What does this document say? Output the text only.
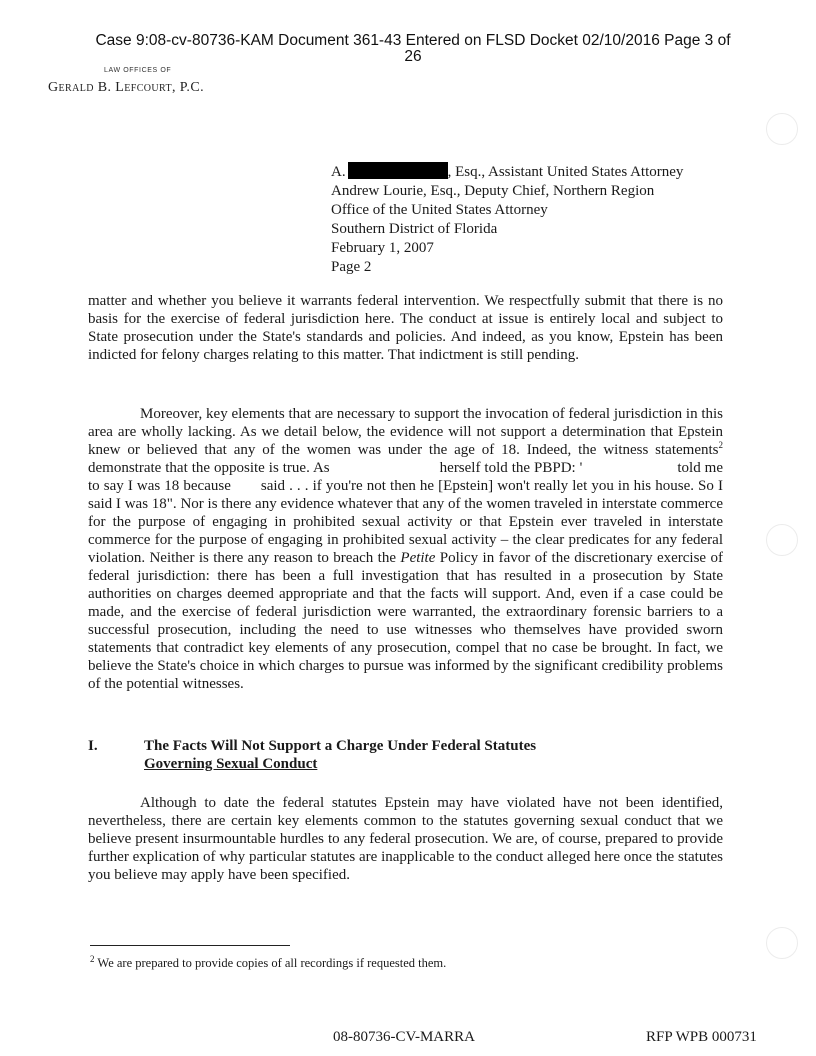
Case 9:08-cv-80736-KAM Document 361-43 Entered on FLSD Docket 02/10/2016 Page 3 of
26
LAW OFFICES OF
Gerald B. Lefcourt, P.C.
A.	, Esq., Assistant United States Attorney
Andrew Lourie, Esq., Deputy Chief, Northern Region
Office of the United States Attorney
Southern District of Florida
February 1, 2007
Page 2
matter and whether you believe it warrants federal intervention. We respectfully submit that there is no basis for the exercise of federal jurisdiction here. The conduct at issue is entirely local and subject to State prosecution under the State's standards and policies. And indeed, as you know, Epstein has been indicted for felony charges relating to this matter. That indictment is still pending.
Moreover, key elements that are necessary to support the invocation of federal jurisdiction in this area are wholly lacking. As we detail below, the evidence will not support a determination that Epstein knew or believed that any of the women was under the age of 18. Indeed, the witness statements$^2$ demonstrate that the opposite is true. As	herself told the PBPD: '	told me to say I was 18 because said . . . if you're not then he [Epstein] won't really let you in his house. So I said I was 18". Nor is there any evidence whatever that any of the women traveled in interstate commerce for the purpose of engaging in prohibited sexual activity or that Epstein ever traveled in interstate commerce for the purpose of engaging in prohibited sexual activity – the clear predicates for any federal violation. Neither is there any reason to breach the Petite Policy in favor of the discretionary exercise of federal jurisdiction: there has been a full investigation that has resulted in a prosecution by State authorities on charges deemed appropriate and that the facts will support. And, even if a case could be made, and the exercise of federal jurisdiction were warranted, the extraordinary forensic barriers to a successful prosecution, including the need to use witnesses who themselves have provided sworn statements that contradict key elements of any prosecution, compel that no case be brought. In fact, we believe the State's choice in which charges to pursue was informed by the significant credibility problems of the potential witnesses.
I.	The Facts Will Not Support a Charge Under Federal Statutes
Governing Sexual Conduct
Although to date the federal statutes Epstein may have violated have not been identified, nevertheless, there are certain key elements common to the statutes governing sexual conduct that we believe present insurmountable hurdles to any federal prosecution. We are, of course, prepared to provide further explication of why particular statutes are inapplicable to the conduct alleged here once the statutes you believe may apply have been specified.
$^2$ We are prepared to provide copies of all recordings if requested them.
08-80736-CV-MARRA	RFP WPB 000731
